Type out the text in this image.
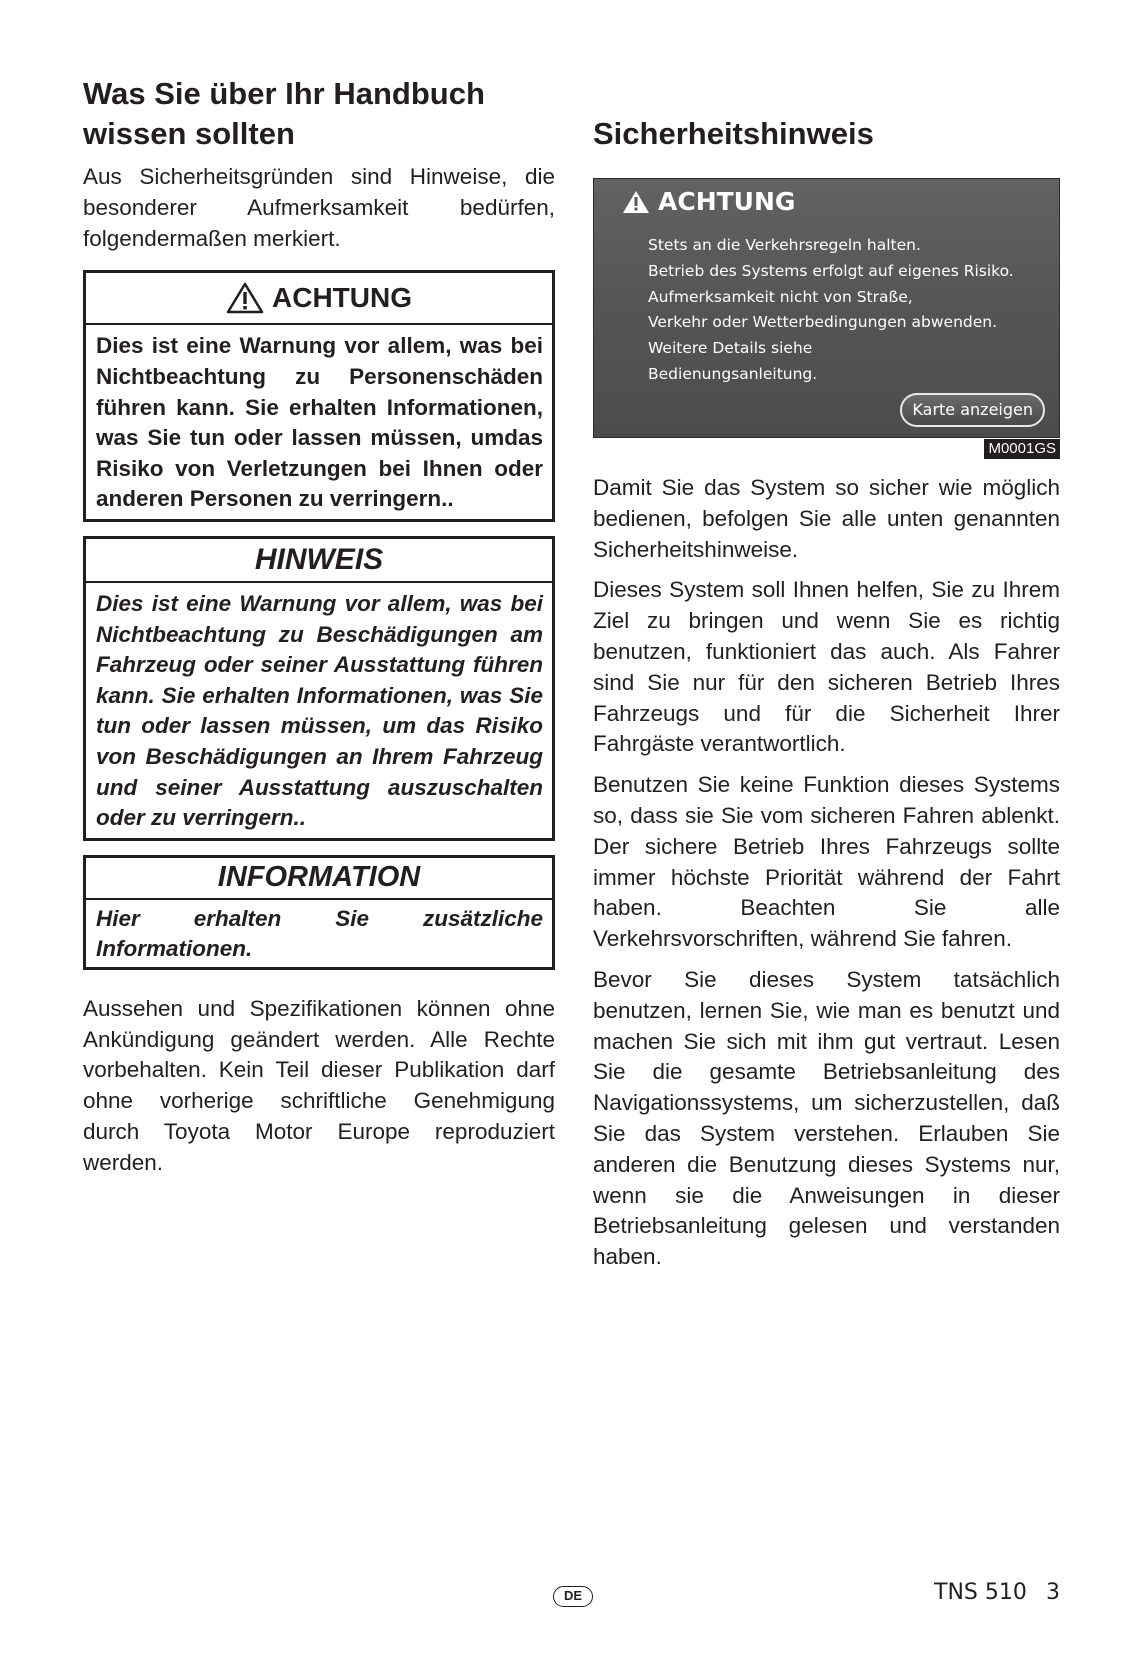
Was Sie über Ihr Handbuch
wissen sollten

Aus Sicherheitsgründen sind Hinweise, die besonderer Aufmerksamkeit bedürfen, folgendermaßen merkiert.

ACHTUNG
Dies ist eine Warnung vor allem, was bei Nichtbeachtung zu Personenschäden führen kann. Sie erhalten Informationen, was Sie tun oder lassen müssen, umdas Risiko von Verletzungen bei Ihnen oder anderen Personen zu verringern..
HINWEIS
Dies ist eine Warnung vor allem, was bei Nichtbeachtung zu Beschädigungen am Fahrzeug oder seiner Ausstattung führen kann. Sie erhalten Informationen, was Sie tun oder lassen müssen, um das Risiko von Beschädigungen an Ihrem Fahrzeug und seiner Ausstattung auszuschalten oder zu verringern..
INFORMATION
Hier erhalten Sie zusätzliche Informationen.

Aussehen und Spezifikationen können ohne Ankündigung geändert werden. Alle Rechte vorbehalten. Kein Teil dieser Publikation darf ohne vorherige schriftliche Genehmigung durch Toyota Motor Europe reproduziert werden.

Sicherheitshinweis
ACHTUNG
Stets an die Verkehrsregeln halten.
Betrieb des Systems erfolgt auf eigenes Risiko.
Aufmerksamkeit nicht von Straße,
Verkehr oder Wetterbedingungen abwenden.
Weitere Details siehe
Bedienungsanleitung.
Karte anzeigen
M0001GS

Damit Sie das System so sicher wie möglich bedienen, befolgen Sie alle unten genannten Sicherheitshinweise.

Dieses System soll Ihnen helfen, Sie zu Ihrem Ziel zu bringen und wenn Sie es richtig benutzen, funktioniert das auch. Als Fahrer sind Sie nur für den sicheren Betrieb Ihres Fahrzeugs und für die Sicherheit Ihrer Fahrgäste verantwortlich.

Benutzen Sie keine Funktion dieses Systems so, dass sie Sie vom sicheren Fahren ablenkt. Der sichere Betrieb Ihres Fahrzeugs sollte immer höchste Priorität während der Fahrt haben. Beachten Sie alle Verkehrsvorschriften, während Sie fahren.

Bevor Sie dieses System tatsächlich benutzen, lernen Sie, wie man es benutzt und machen Sie sich mit ihm gut vertraut. Lesen Sie die gesamte Betriebsanleitung des Navigationssystems, um sicherzustellen, daß Sie das System verstehen. Erlauben Sie anderen die Benutzung dieses Systems nur, wenn sie die Anweisungen in dieser Betriebsanleitung gelesen und verstanden haben.

DE	TNS 510 3
